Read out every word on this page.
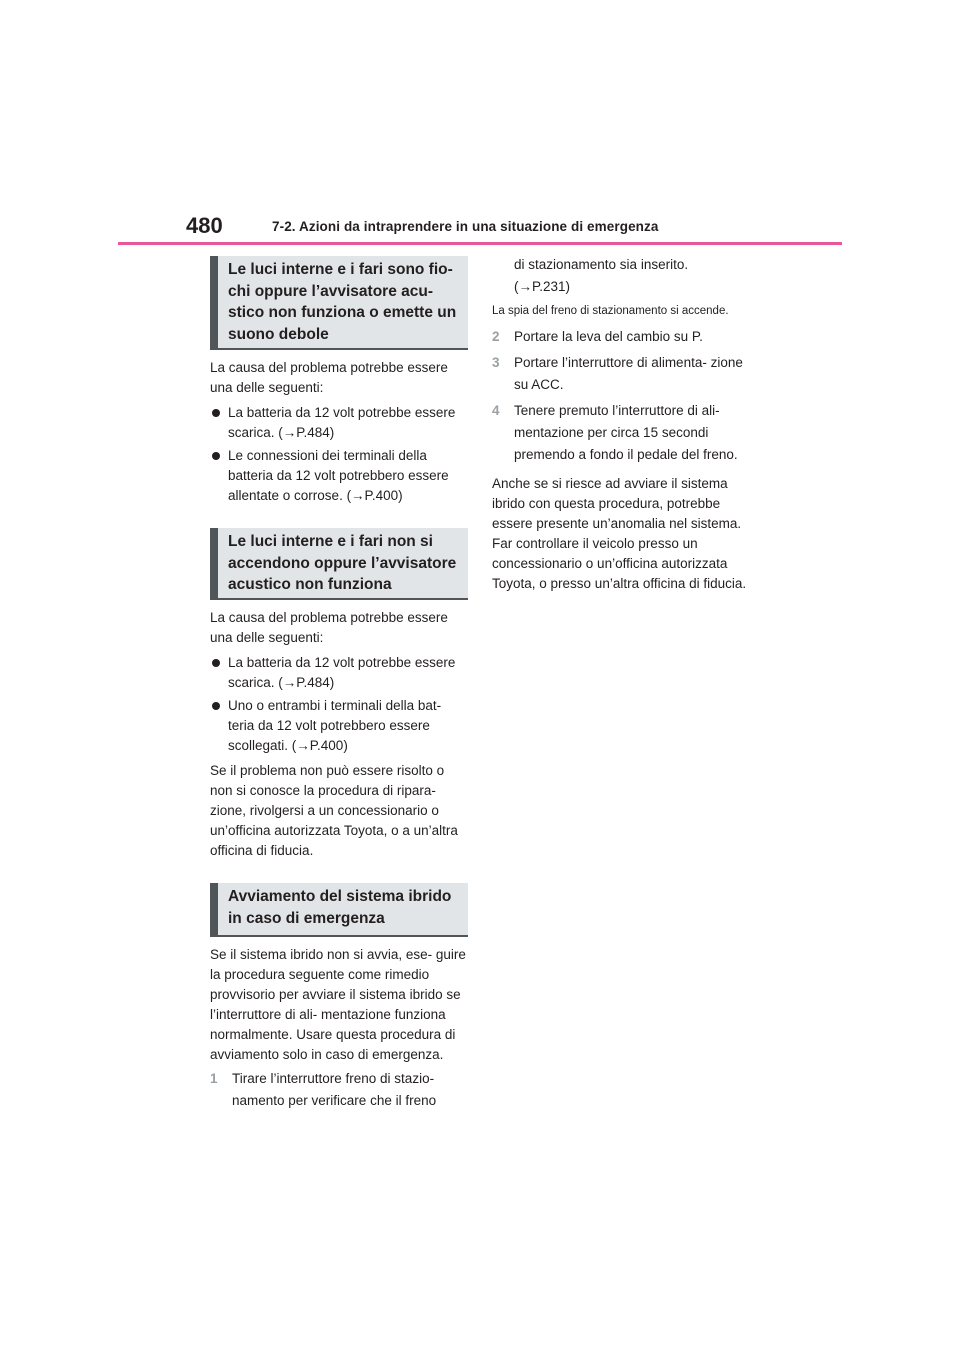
480	7-2. Azioni da intraprendere in una situazione di emergenza
Le luci interne e i fari sono fio- chi oppure l’avvisatore acu- stico non funziona o emette un suono debole

La causa del problema potrebbe essere una delle seguenti:

La batteria da 12 volt potrebbe essere scarica. (→P.484)

Le connessioni dei terminali della batteria da 12 volt potrebbero essere allentate o corrose. (→P.400)

Le luci interne e i fari non si accendono oppure l’avvisatore acustico non funziona

La causa del problema potrebbe essere una delle seguenti:

La batteria da 12 volt potrebbe essere scarica. (→P.484)

Uno o entrambi i terminali della bat- teria da 12 volt potrebbero essere scollegati. (→P.400)

Se il problema non può essere risolto o non si conosce la procedura di ripara- zione, rivolgersi a un concessionario o un’officina autorizzata Toyota, o a un’altra officina di fiducia.

Avviamento del sistema ibrido in caso di emergenza

Se il sistema ibrido non si avvia, ese- guire la procedura seguente come rimedio provvisorio per avviare il sistema ibrido se l’interruttore di ali- mentazione funziona normalmente. Usare questa procedura di avviamento solo in caso di emergenza.

1 Tirare l’interruttore freno di stazio- namento per verificare che il freno

di stazionamento sia inserito. (→P.231)

La spia del freno di stazionamento si accende.

2 Portare la leva del cambio su P.

3 Portare l’interruttore di alimenta- zione su ACC.

4 Tenere premuto l’interruttore di ali- mentazione per circa 15 secondi premendo a fondo il pedale del freno.

Anche se si riesce ad avviare il sistema ibrido con questa procedura, potrebbe essere presente un’anomalia nel sistema. Far controllare il veicolo presso un concessionario o un’officina autorizzata Toyota, o presso un’altra officina di fiducia.
